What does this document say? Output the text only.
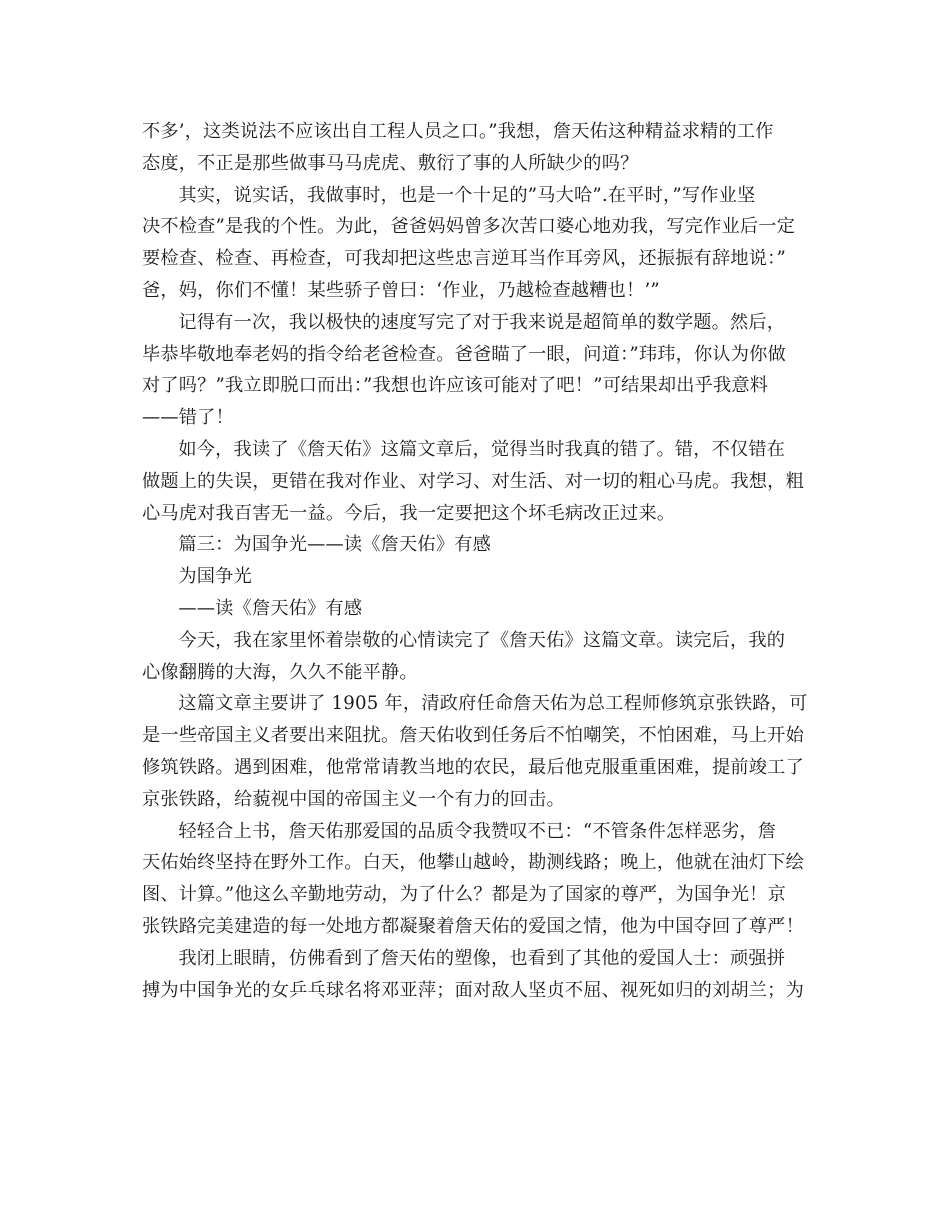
不多’，这类说法不应该出自工程人员之口。”我想，詹天佑这种精益求精的工作
态度，不正是那些做事马马虎虎、敷衍了事的人所缺少的吗？
其实，说实话，我做事时，也是一个十足的”马大哈”.在平时，”写作业坚
决不检查”是我的个性。为此，爸爸妈妈曾多次苦口婆心地劝我，写完作业后一定
要检查、检查、再检查，可我却把这些忠言逆耳当作耳旁风，还振振有辞地说：”
爸，妈，你们不懂！某些骄子曾曰：‘作业，乃越检查越糟也！’”
记得有一次，我以极快的速度写完了对于我来说是超简单的数学题。然后，
毕恭毕敬地奉老妈的指令给老爸检查。爸爸瞄了一眼，问道：”玮玮，你认为你做
对了吗？”我立即脱口而出：”我想也许应该可能对了吧！”可结果却出乎我意料
——错了！
如今，我读了《詹天佑》这篇文章后，觉得当时我真的错了。错，不仅错在
做题上的失误，更错在我对作业、对学习、对生活、对一切的粗心马虎。我想，粗
心马虎对我百害无一益。今后，我一定要把这个坏毛病改正过来。
篇三：为国争光——读《詹天佑》有感
为国争光
——读《詹天佑》有感
今天，我在家里怀着崇敬的心情读完了《詹天佑》这篇文章。读完后，我的
心像翻腾的大海，久久不能平静。
这篇文章主要讲了 1905 年，清政府任命詹天佑为总工程师修筑京张铁路，可
是一些帝国主义者要出来阻扰。詹天佑收到任务后不怕嘲笑，不怕困难，马上开始
修筑铁路。遇到困难，他常常请教当地的农民，最后他克服重重困难，提前竣工了
京张铁路，给藐视中国的帝国主义一个有力的回击。
轻轻合上书，詹天佑那爱国的品质令我赞叹不已：“不管条件怎样恶劣，詹
天佑始终坚持在野外工作。白天，他攀山越岭，勘测线路；晚上，他就在油灯下绘
图、计算。”他这么辛勤地劳动，为了什么？都是为了国家的尊严，为国争光！京
张铁路完美建造的每一处地方都凝聚着詹天佑的爱国之情，他为中国夺回了尊严！
我闭上眼睛，仿佛看到了詹天佑的塑像，也看到了其他的爱国人士：顽强拼
搏为中国争光的女乒乓球名将邓亚萍；面对敌人坚贞不屈、视死如归的刘胡兰；为
